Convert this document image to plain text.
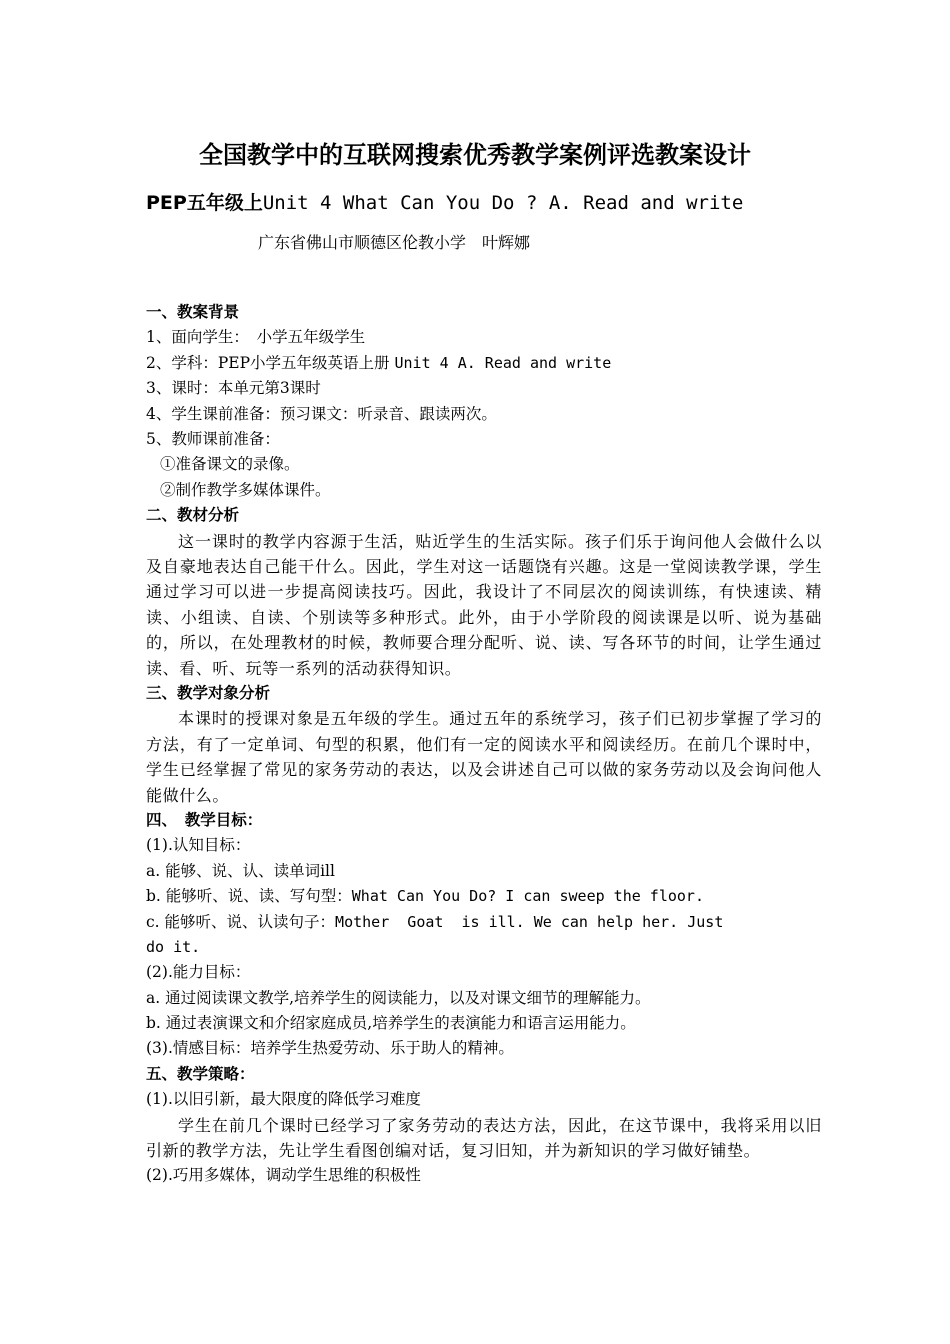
全国教学中的互联网搜索优秀教学案例评选教案设计
PEP五年级上Unit 4 What Can You Do ? A. Read and write
广东省佛山市顺德区伦教小学　叶辉娜
一、教案背景
1、面向学生：　小学五年级学生
2、学科：PEP小学五年级英语上册 Unit 4 A. Read and write
3、课时：本单元第3课时
4、学生课前准备：预习课文：听录音、跟读两次。
5、教师课前准备：
①准备课文的录像。
②制作教学多媒体课件。
二、教材分析
这一课时的教学内容源于生活，贴近学生的生活实际。孩子们乐于询问他人会做什么以及自豪地表达自己能干什么。因此，学生对这一话题饶有兴趣。这是一堂阅读教学课，学生通过学习可以进一步提高阅读技巧。因此，我设计了不同层次的阅读训练，有快速读、精读、小组读、自读、个别读等多种形式。此外，由于小学阶段的阅读课是以听、说为基础的，所以，在处理教材的时候，教师要合理分配听、说、读、写各环节的时间，让学生通过读、看、听、玩等一系列的活动获得知识。
三、教学对象分析
本课时的授课对象是五年级的学生。通过五年的系统学习，孩子们已初步掌握了学习的方法，有了一定单词、句型的积累，他们有一定的阅读水平和阅读经历。在前几个课时中，学生已经掌握了常见的家务劳动的表达，以及会讲述自己可以做的家务劳动以及会询问他人能做什么。
四、　教学目标：
(1).认知目标：
a. 能够、说、认、读单词ill
b. 能够听、说、读、写句型：What Can You Do? I can sweep the floor.
c. 能够听、说、认读句子：Mother  Goat  is ill. We can help her. Just
do it.
(2).能力目标：
a. 通过阅读课文教学,培养学生的阅读能力，以及对课文细节的理解能力。
b. 通过表演课文和介绍家庭成员,培养学生的表演能力和语言运用能力。
(3).情感目标：培养学生热爱劳动、乐于助人的精神。
五、教学策略：
(1).以旧引新，最大限度的降低学习难度
学生在前几个课时已经学习了家务劳动的表达方法，因此，在这节课中，我将采用以旧引新的教学方法，先让学生看图创编对话，复习旧知，并为新知识的学习做好铺垫。
(2).巧用多媒体，调动学生思维的积极性
